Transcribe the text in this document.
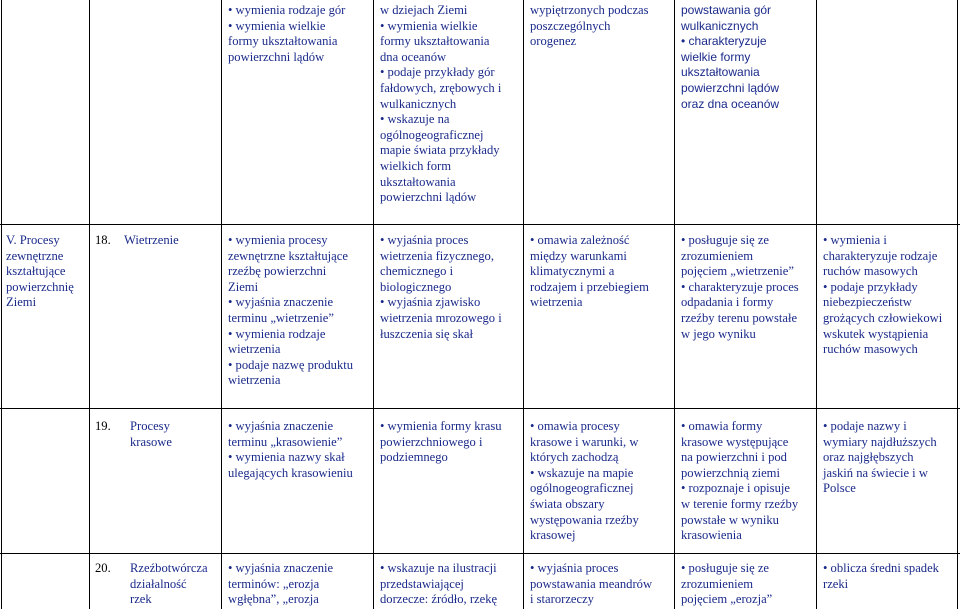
• wymienia rodzaje gór
• wymienia wielkie
formy ukształtowania
powierzchni lądów
w dziejach Ziemi
• wymienia wielkie
formy ukształtowania
dna oceanów
• podaje przykłady gór
fałdowych, zrębowych i
wulkanicznych
• wskazuje na
ogólnogeograficznej
mapie świata przykłady
wielkich form
ukształtowania
powierzchni lądów
wypiętrzonych podczas
poszczególnych
orogenez
powstawania gór
wulkanicznych
• charakteryzuje
wielkie formy
ukształtowania
powierzchni lądów
oraz dna oceanów
V. Procesy
zewnętrzne
kształtujące
powierzchnię
Ziemi
18. Wietrzenie	• wymienia procesy
zewnętrzne kształtujące
rzeźbę powierzchni
Ziemi
• wyjaśnia znaczenie
terminu „wietrzenie”
• wymienia rodzaje
wietrzenia
• podaje nazwę produktu
wietrzenia
• wyjaśnia proces
wietrzenia fizycznego,
chemicznego i
biologicznego
• wyjaśnia zjawisko
wietrzenia mrozowego i
łuszczenia się skał
• omawia zależność
między warunkami
klimatycznymi a
rodzajem i przebiegiem
wietrzenia
• posługuje się ze
zrozumieniem
pojęciem „wietrzenie”
• charakteryzuje proces
odpadania i formy
rzeźby terenu powstałe
w jego wyniku
• wymienia i
charakteryzuje rodzaje
ruchów masowych
• podaje przykłady
niebezpieczeństw
grożących człowiekowi
wskutek wystąpienia
ruchów masowych
19. Procesy
krasowe
• wyjaśnia znaczenie
terminu „krasowienie”
• wymienia nazwy skał
ulegających krasowieniu
• wymienia formy krasu
powierzchniowego i
podziemnego
• omawia procesy
krasowe i warunki, w
których zachodzą
• wskazuje na mapie
ogólnogeograficznej
świata obszary
występowania rzeźby
krasowej
• omawia formy
krasowe występujące
na powierzchni i pod
powierzchnią ziemi
• rozpoznaje i opisuje
w terenie formy rzeźby
powstałe w wyniku
krasowienia
• podaje nazwy i
wymiary najdłuższych
oraz najgłębszych
jaskiń na świecie i w
Polsce
20. Rzeźbotwórcza
działalność
rzek
• wyjaśnia znaczenie
terminów: „erozja
wgłębna”, „erozja
• wskazuje na ilustracji
przedstawiającej
dorzecze: źródło, rzekę
• wyjaśnia proces
powstawania meandrów
i starorzeczy
• posługuje się ze
zrozumieniem
pojęciem „erozja”
• oblicza średni spadek
rzeki
